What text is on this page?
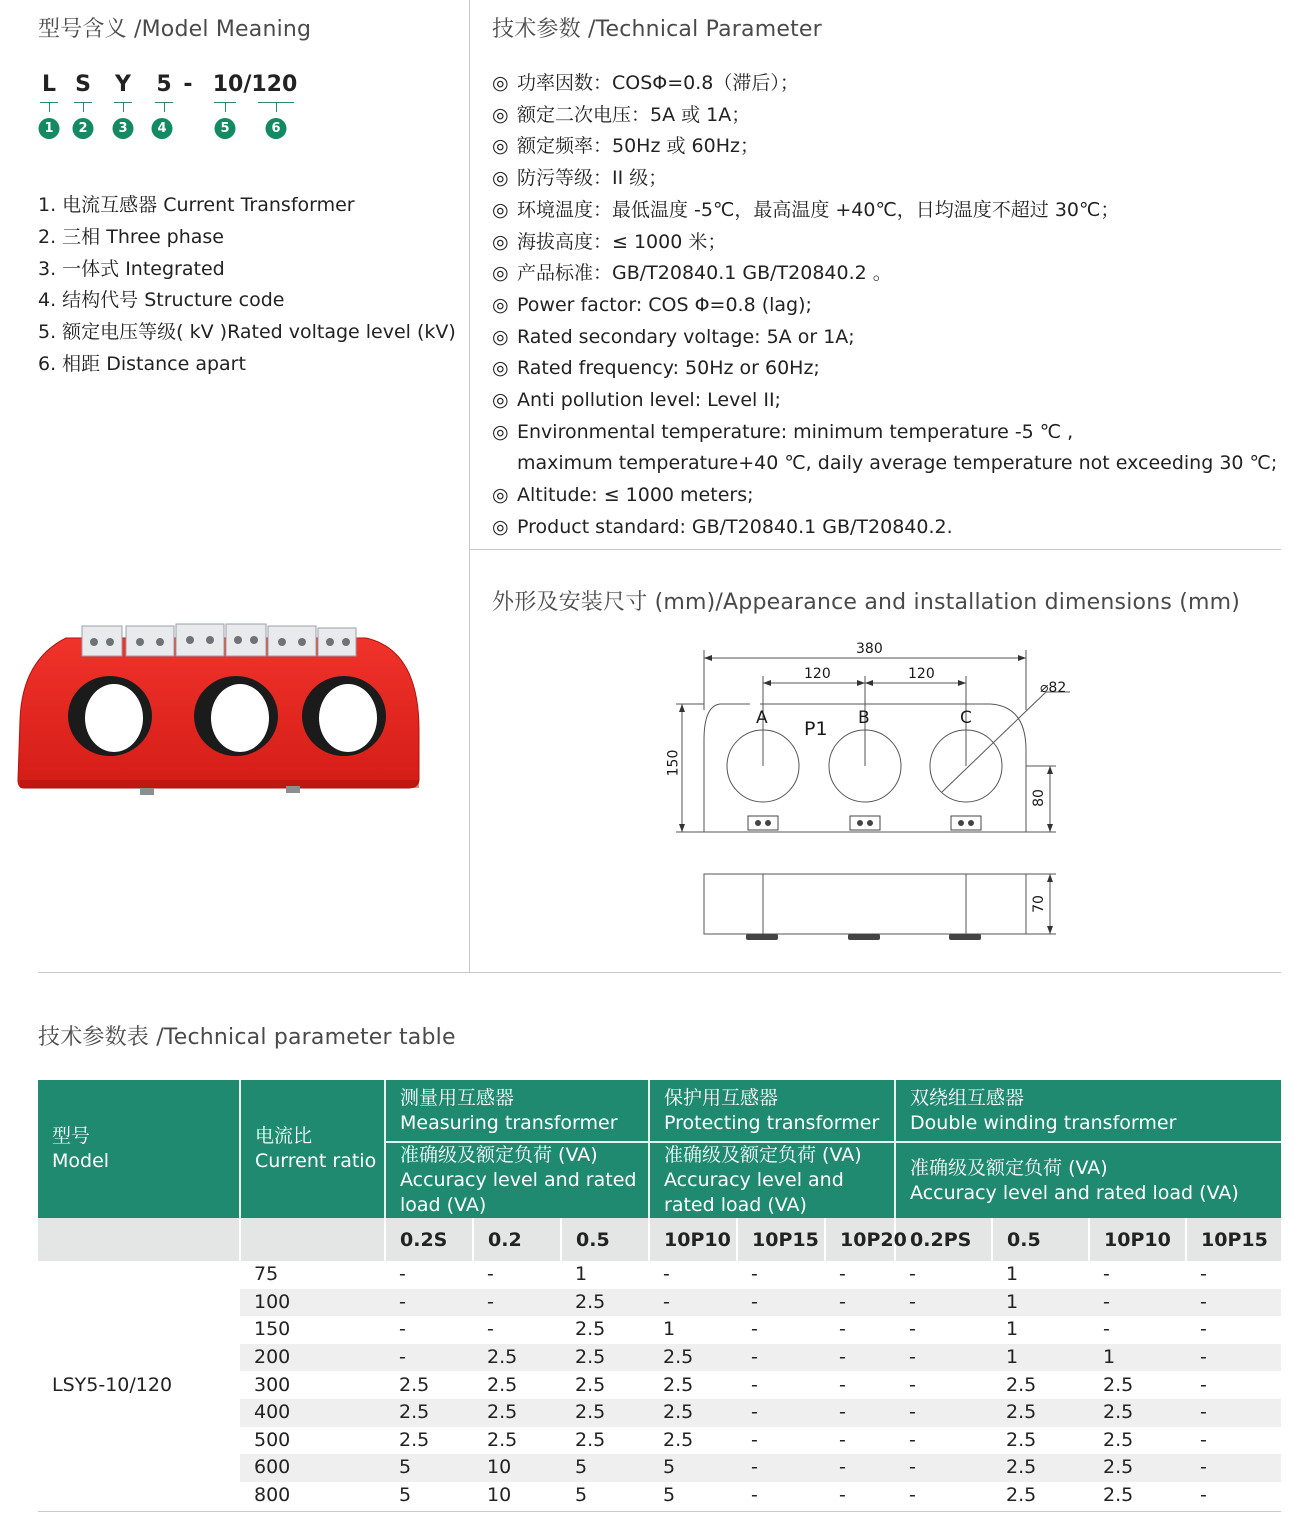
型号含义 /Model Meaning
L S Y 5 - 10/120
1	2	3	4	5	6
1. 电流互感器 Current Transformer
2. 三相 Three phase
3. 一体式 Integrated
4. 结构代号 Structure code
5. 额定电压等级( kV )Rated voltage level (kV)
6. 相距 Distance apart
技术参数 /Technical Parameter
◎ 功率因数：COSΦ=0.8（滞后）；
◎ 额定二次电压：5A 或 1A；
◎ 额定频率：50Hz 或 60Hz；
◎ 防污等级：II 级；
◎ 环境温度：最低温度 -5℃，最高温度 +40℃，日均温度不超过 30℃；
◎ 海拔高度：≤ 1000 米；
◎ 产品标准：GB/T20840.1 GB/T20840.2 。
◎ Power factor: COS Φ=0.8 (lag);
◎ Rated secondary voltage: 5A or 1A;
◎ Rated frequency: 50Hz or 60Hz;
◎ Anti pollution level: Level II;
◎ Environmental temperature: minimum temperature -5 ℃ ,
maximum temperature+40 ℃, daily average temperature not exceeding 30 ℃;
◎ Altitude: ≤ 1000 meters;
◎ Product standard: GB/T20840.1 GB/T20840.2.
外形及安装尺寸 (mm)/Appearance and installation dimensions (mm)
380
120	120
⌀82
A P1 B	C
150
80
70
技术参数表 /Technical parameter table
型号
Model	电流比
Current ratio	测量用互感器
Measuring transformer			保护用互感器
Protecting transformer			双绕组互感器
Double winding transformer			
		准确级及额定负荷 (VA)
Accuracy level and rated
load (VA)			准确级及额定负荷 (VA)
Accuracy level and
rated load (VA)			准确级及额定负荷 (VA)
Accuracy level and rated load (VA)			
		0.2S	0.2	0.5	10P10	10P15	10P20	0.2PS	0.5	10P10	10P15
LSY5-10/120	75	-	-	1	-	-	-	-	1	-	-
	100	-	-	2.5	-	-	-	-	1	-	-
	150	-	-	2.5	1	-	-	-	1	-	-
	200	-	2.5	2.5	2.5	-	-	-	1	1	-
	300	2.5	2.5	2.5	2.5	-	-	-	2.5	2.5	-
	400	2.5	2.5	2.5	2.5	-	-	-	2.5	2.5	-
	500	2.5	2.5	2.5	2.5	-	-	-	2.5	2.5	-
	600	5	10	5	5	-	-	-	2.5	2.5	-
	800	5	10	5	5	-	-	-	2.5	2.5	-
